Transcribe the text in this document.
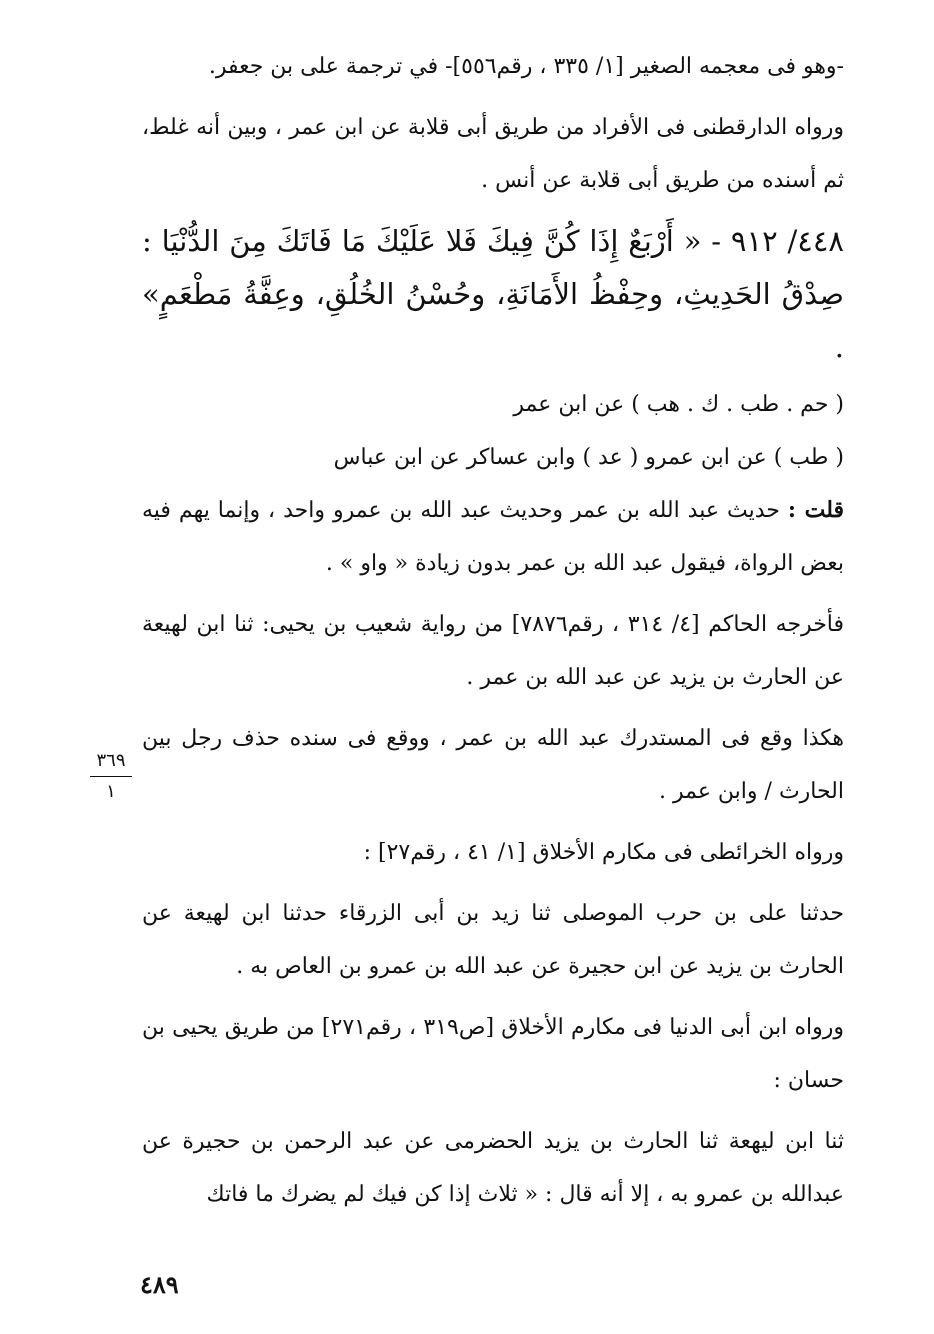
-وهو فى معجمه الصغير [١/ ٣٣٥ ، رقم٥٥٦]- في ترجمة على بن جعفر.

ورواه الدارقطنى فى الأفراد من طريق أبى قلابة عن ابن عمر ، وبين أنه غلط، ثم أسنده من طريق أبى قلابة عن أنس .

٤٤٨/ ٩١٢ - « أَرْبَعٌ إِذَا كُنَّ فِيكَ فَلا عَلَيْكَ مَا فَاتَكَ مِنَ الدُّنْيَا : صِدْقُ الحَدِيثِ، وحِفْظُ الأَمَانَةِ، وحُسْنُ الخُلُقِ، وعِفَّةُ مَطْعَمٍ» .

( حم . طب . ك . هب ) عن ابن عمر

( طب ) عن ابن عمرو ( عد ) وابن عساكر عن ابن عباس

قلت : حديث عبد الله بن عمر وحديث عبد الله بن عمرو واحد ، وإنما يهم فيه بعض الرواة، فيقول عبد الله بن عمر بدون زيادة « واو » .

فأخرجه الحاكم [٤/ ٣١٤ ، رقم٧٨٧٦] من رواية شعيب بن يحيى: ثنا ابن لهيعة عن الحارث بن يزيد عن عبد الله بن عمر .

هكذا وقع فى المستدرك عبد الله بن عمر ، ووقع فى سنده حذف رجل بين الحارث / وابن عمر .

ورواه الخرائطى فى مكارم الأخلاق [١/ ٤١ ، رقم٢٧] :

حدثنا على بن حرب الموصلى ثنا زيد بن أبى الزرقاء حدثنا ابن لهيعة عن الحارث بن يزيد عن ابن حجيرة عن عبد الله بن عمرو بن العاص به .

ورواه ابن أبى الدنيا فى مكارم الأخلاق [ص٣١٩ ، رقم٢٧١] من طريق يحيى بن حسان :

ثنا ابن ليهعة ثنا الحارث بن يزيد الحضرمى عن عبد الرحمن بن حجيرة عن عبدالله بن عمرو به ، إلا أنه قال : « ثلاث إذا كن فيك لم يضرك ما فاتك

٣٦٩
١
٤٨٩
